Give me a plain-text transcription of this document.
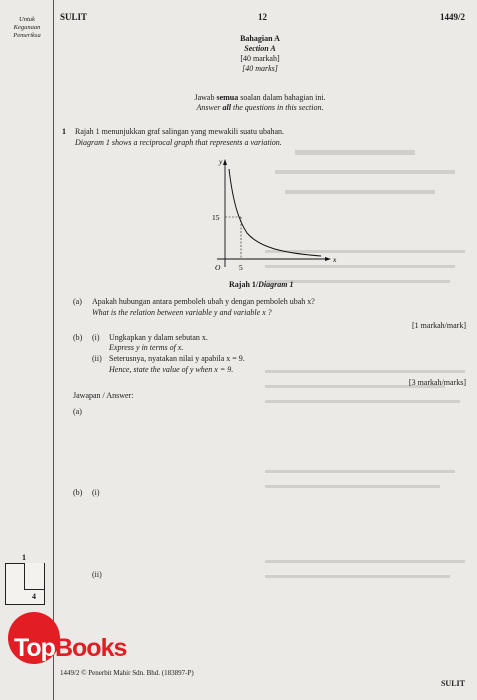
Untuk
Kegunaan
Pemeriksa
SULIT	12	1449/2
Bahagian A
Section A
[40 markah]
[40 marks]
Jawab semua soalan dalam bahagian ini.
Answer all the questions in this section.
1 Rajah 1 menunjukkan graf salingan yang mewakili suatu ubahan.
Diagram 1 shows a reciprocal graph that represents a variation.
y
x
O 5
15
Rajah 1/Diagram 1
(a) Apakah hubungan antara pemboleh ubah y dengan pemboleh ubah x?
What is the relation between variable y and variable x ?
[1 markah/mark]
(b) (i) Ungkapkan y dalam sebutan x.
Express y in terms of x.
(ii) Seterusnya, nyatakan nilai y apabila x = 9.
Hence, state the value of y when x = 9.
[3 markah/marks]
Jawapan / Answer:
(a)
(b) (i)
(ii)
1
4
TopBooks
1449/2 © Penerbit Mahir Sdn. Bhd. (183897-P)
SULIT
